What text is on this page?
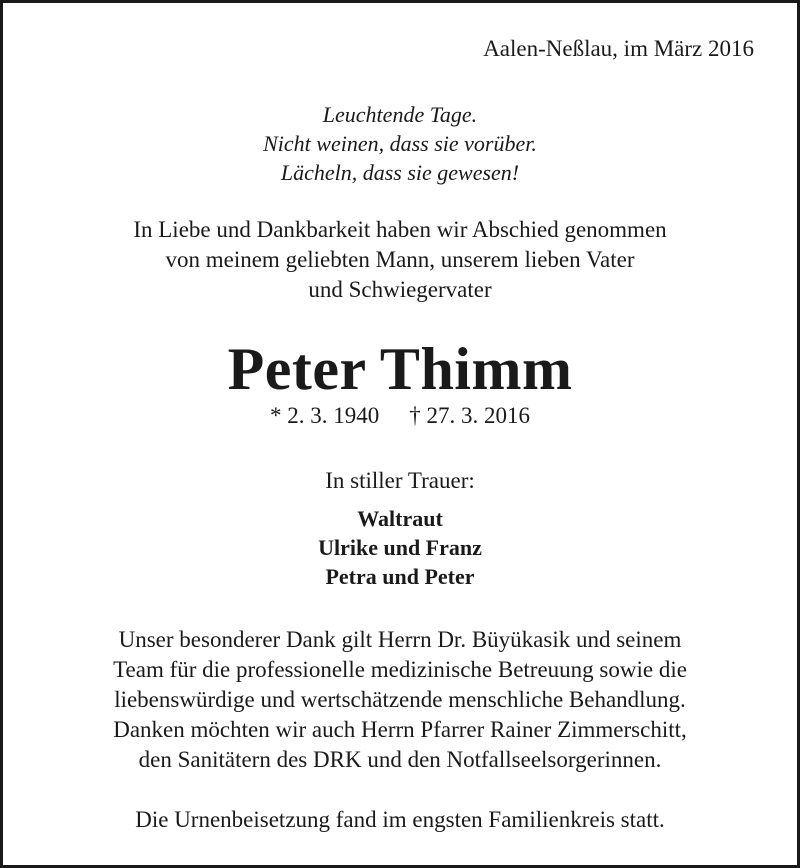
Aalen-Neßlau, im März 2016
Leuchtende Tage.
Nicht weinen, dass sie vorüber.
Lächeln, dass sie gewesen!
In Liebe und Dankbarkeit haben wir Abschied genommen
von meinem geliebten Mann, unserem lieben Vater
und Schwiegervater
Peter Thimm
* 2. 3. 1940 † 27. 3. 2016
In stiller Trauer:
Waltraut
Ulrike und Franz
Petra und Peter
Unser besonderer Dank gilt Herrn Dr. Büyükasik und seinem
Team für die professionelle medizinische Betreuung sowie die
liebenswürdige und wertschätzende menschliche Behandlung.
Danken möchten wir auch Herrn Pfarrer Rainer Zimmerschitt,
den Sanitätern des DRK und den Notfallseelsorgerinnen.
Die Urnenbeisetzung fand im engsten Familienkreis statt.
